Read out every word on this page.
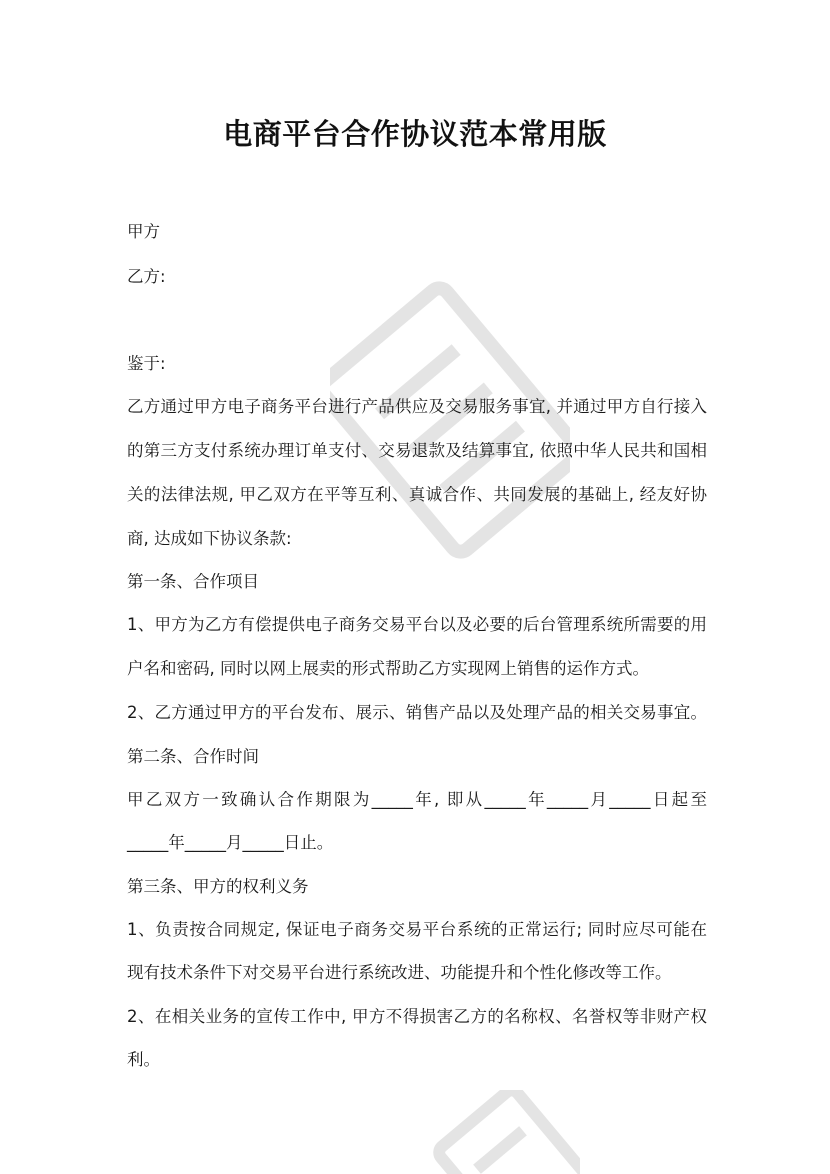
电商平台合作协议范本常用版
甲方
乙方:
鉴于:
乙方通过甲方电子商务平台进行产品供应及交易服务事宜, 并通过甲方自行接入
的第三方支付系统办理订单支付、交易退款及结算事宜, 依照中华人民共和国相
关的法律法规, 甲乙双方在平等互利、真诚合作、共同发展的基础上, 经友好协
商, 达成如下协议条款:
第一条、合作项目
1、甲方为乙方有偿提供电子商务交易平台以及必要的后台管理系统所需要的用
户名和密码, 同时以网上展卖的形式帮助乙方实现网上销售的运作方式。
2、乙方通过甲方的平台发布、展示、销售产品以及处理产品的相关交易事宜。
第二条、合作时间
甲乙双方一致确认合作期限为_____年, 即从_____年_____月_____日起至
_____年_____月_____日止。
第三条、甲方的权利义务
1、负责按合同规定, 保证电子商务交易平台系统的正常运行; 同时应尽可能在
现有技术条件下对交易平台进行系统改进、功能提升和个性化修改等工作。
2、在相关业务的宣传工作中, 甲方不得损害乙方的名称权、名誉权等非财产权
利。
